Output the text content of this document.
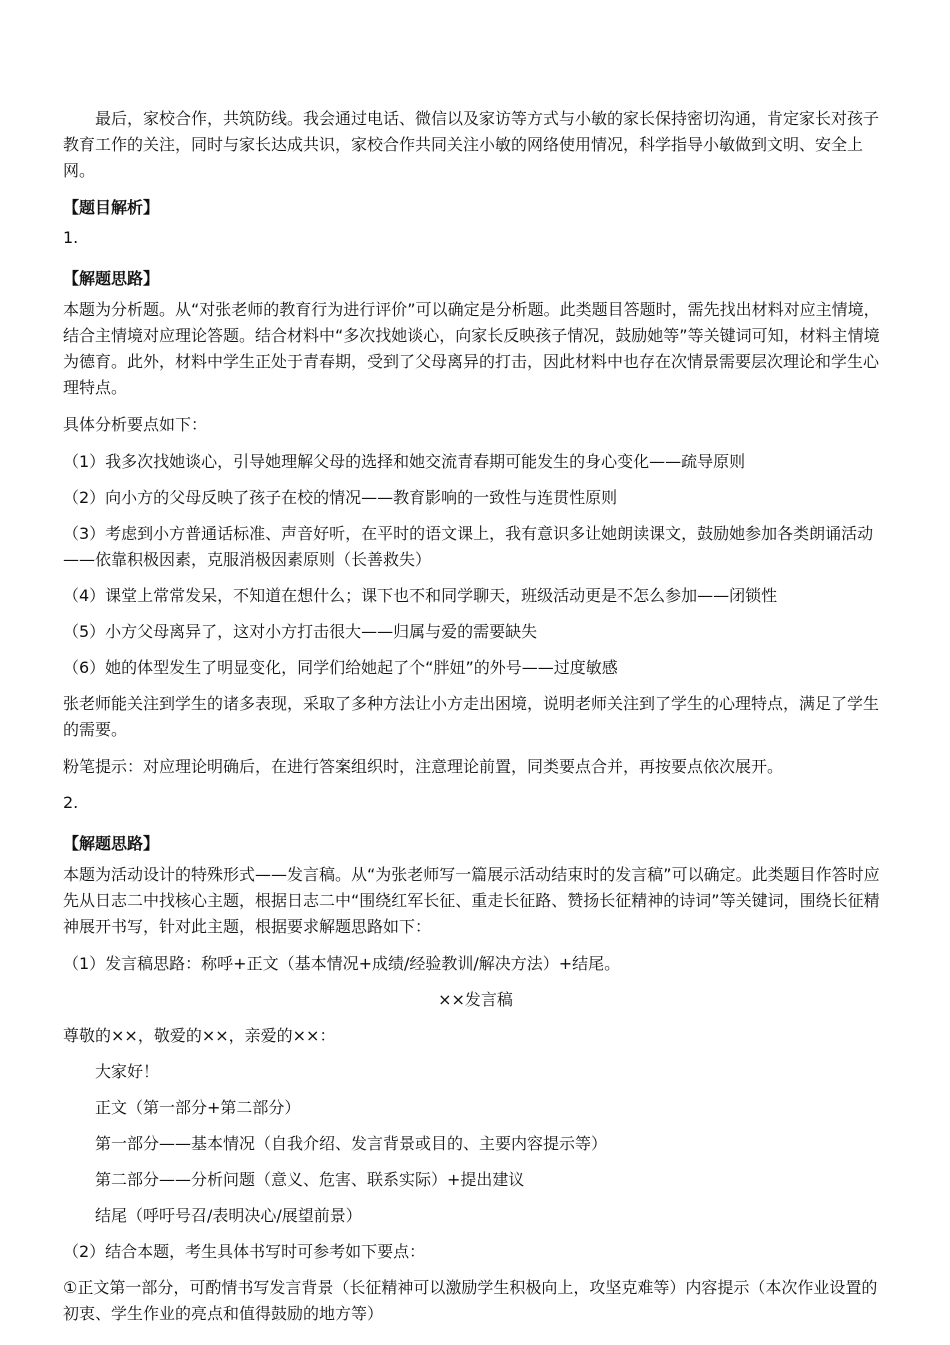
最后，家校合作，共筑防线。我会通过电话、微信以及家访等方式与小敏的家长保持密切沟通，肯定家长对孩子教育工作的关注，同时与家长达成共识，家校合作共同关注小敏的网络使用情况，科学指导小敏做到文明、安全上网。

【题目解析】

1.

【解题思路】

本题为分析题。从“对张老师的教育行为进行评价”可以确定是分析题。此类题目答题时，需先找出材料对应主情境，结合主情境对应理论答题。结合材料中“多次找她谈心，向家长反映孩子情况，鼓励她等”等关键词可知，材料主情境为德育。此外，材料中学生正处于青春期，受到了父母离异的打击，因此材料中也存在次情景需要层次理论和学生心理特点。

具体分析要点如下：

（1）我多次找她谈心，引导她理解父母的选择和她交流青春期可能发生的身心变化——疏导原则

（2）向小方的父母反映了孩子在校的情况——教育影响的一致性与连贯性原则

（3）考虑到小方普通话标准、声音好听，在平时的语文课上，我有意识多让她朗读课文，鼓励她参加各类朗诵活动——依靠积极因素，克服消极因素原则（长善救失）

（4）课堂上常常发呆，不知道在想什么；课下也不和同学聊天，班级活动更是不怎么参加——闭锁性

（5）小方父母离异了，这对小方打击很大——归属与爱的需要缺失

（6）她的体型发生了明显变化，同学们给她起了个“胖妞”的外号——过度敏感

张老师能关注到学生的诸多表现，采取了多种方法让小方走出困境，说明老师关注到了学生的心理特点，满足了学生的需要。

粉笔提示：对应理论明确后，在进行答案组织时，注意理论前置，同类要点合并，再按要点依次展开。

2.

【解题思路】

本题为活动设计的特殊形式——发言稿。从“为张老师写一篇展示活动结束时的发言稿”可以确定。此类题目作答时应先从日志二中找核心主题，根据日志二中“围绕红军长征、重走长征路、赞扬长征精神的诗词”等关键词，围绕长征精神展开书写，针对此主题，根据要求解题思路如下：

（1）发言稿思路：称呼+正文（基本情况+成绩/经验教训/解决方法）+结尾。

××发言稿

尊敬的××，敬爱的××，亲爱的××：

大家好！

正文（第一部分+第二部分）

第一部分——基本情况（自我介绍、发言背景或目的、主要内容提示等）

第二部分——分析问题（意义、危害、联系实际）+提出建议

结尾（呼吁号召/表明决心/展望前景）

（2）结合本题，考生具体书写时可参考如下要点：

①正文第一部分，可酌情书写发言背景（长征精神可以激励学生积极向上，攻坚克难等）内容提示（本次作业设置的初衷、学生作业的亮点和值得鼓励的地方等）
